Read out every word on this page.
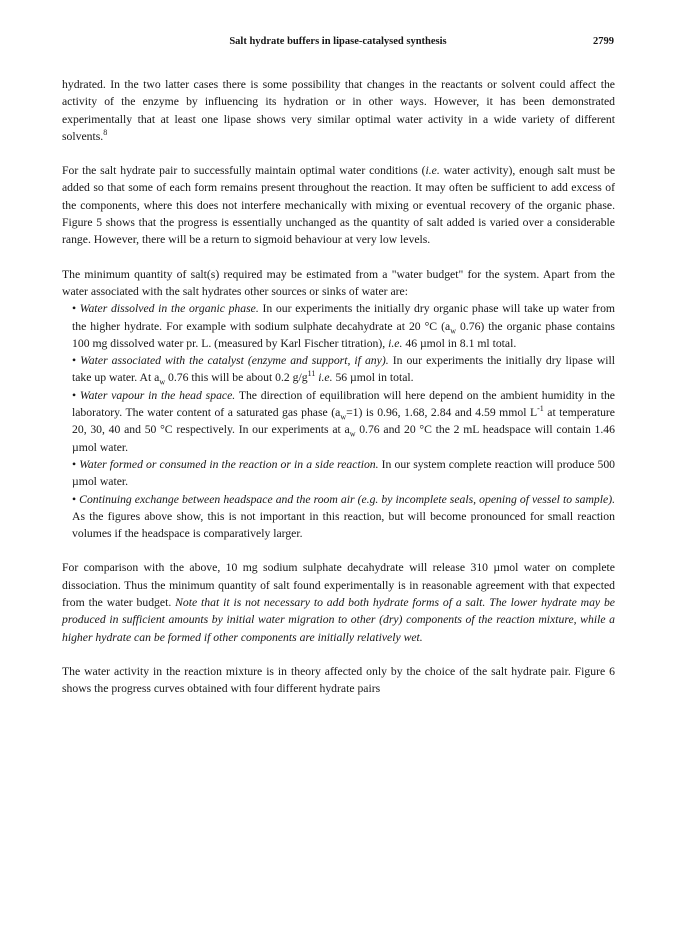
Salt hydrate buffers in lipase-catalysed synthesis	2799

hydrated. In the two latter cases there is some possibility that changes in the reactants or solvent could affect the activity of the enzyme by influencing its hydration or in other ways. However, it has been demonstrated experimentally that at least one lipase shows very similar optimal water activity in a wide variety of different solvents.$^8$

For the salt hydrate pair to successfully maintain optimal water conditions (i.e. water activity), enough salt must be added so that some of each form remains present throughout the reaction. It may often be sufficient to add excess of the components, where this does not interfere mechanically with mixing or eventual recovery of the organic phase. Figure 5 shows that the progress is essentially unchanged as the quantity of salt added is varied over a considerable range. However, there will be a return to sigmoid behaviour at very low levels.

The minimum quantity of salt(s) required may be estimated from a "water budget" for the system. Apart from the water associated with the salt hydrates other sources or sinks of water are:

• Water dissolved in the organic phase. In our experiments the initially dry organic phase will take up water from the higher hydrate. For example with sodium sulphate decahydrate at 20 °C ($a_w$ 0.76) the organic phase contains 100 mg dissolved water pr. L. (measured by Karl Fischer titration), i.e. 46 µmol in 8.1 ml total.

• Water associated with the catalyst (enzyme and support, if any). In our experiments the initially dry lipase will take up water. At $a_w$ 0.76 this will be about 0.2 $g/g^{11}$ i.e. 56 µmol in total.

• Water vapour in the head space. The direction of equilibration will here depend on the ambient humidity in the laboratory. The water content of a saturated gas phase $(a_w=1)$ is 0.96, 1.68, 2.84 and 4.59 mmol $L^{-1}$ at temperature 20, 30, 40 and 50 °C respectively. In our experiments at $a_w$ 0.76 and 20 °C the 2 mL headspace will contain 1.46 µmol water.

• Water formed or consumed in the reaction or in a side reaction. In our system complete reaction will produce 500 µmol water.

• Continuing exchange between headspace and the room air (e.g. by incomplete seals, opening of vessel to sample). As the figures above show, this is not important in this reaction, but will become pronounced for small reaction volumes if the headspace is comparatively larger.

For comparison with the above, 10 mg sodium sulphate decahydrate will release 310 µmol water on complete dissociation. Thus the minimum quantity of salt found experimentally is in reasonable agreement with that expected from the water budget. Note that it is not necessary to add both hydrate forms of a salt. The lower hydrate may be produced in sufficient amounts by initial water migration to other (dry) components of the reaction mixture, while a higher hydrate can be formed if other components are initially relatively wet.

The water activity in the reaction mixture is in theory affected only by the choice of the salt hydrate pair. Figure 6 shows the progress curves obtained with four different hydrate pairs
